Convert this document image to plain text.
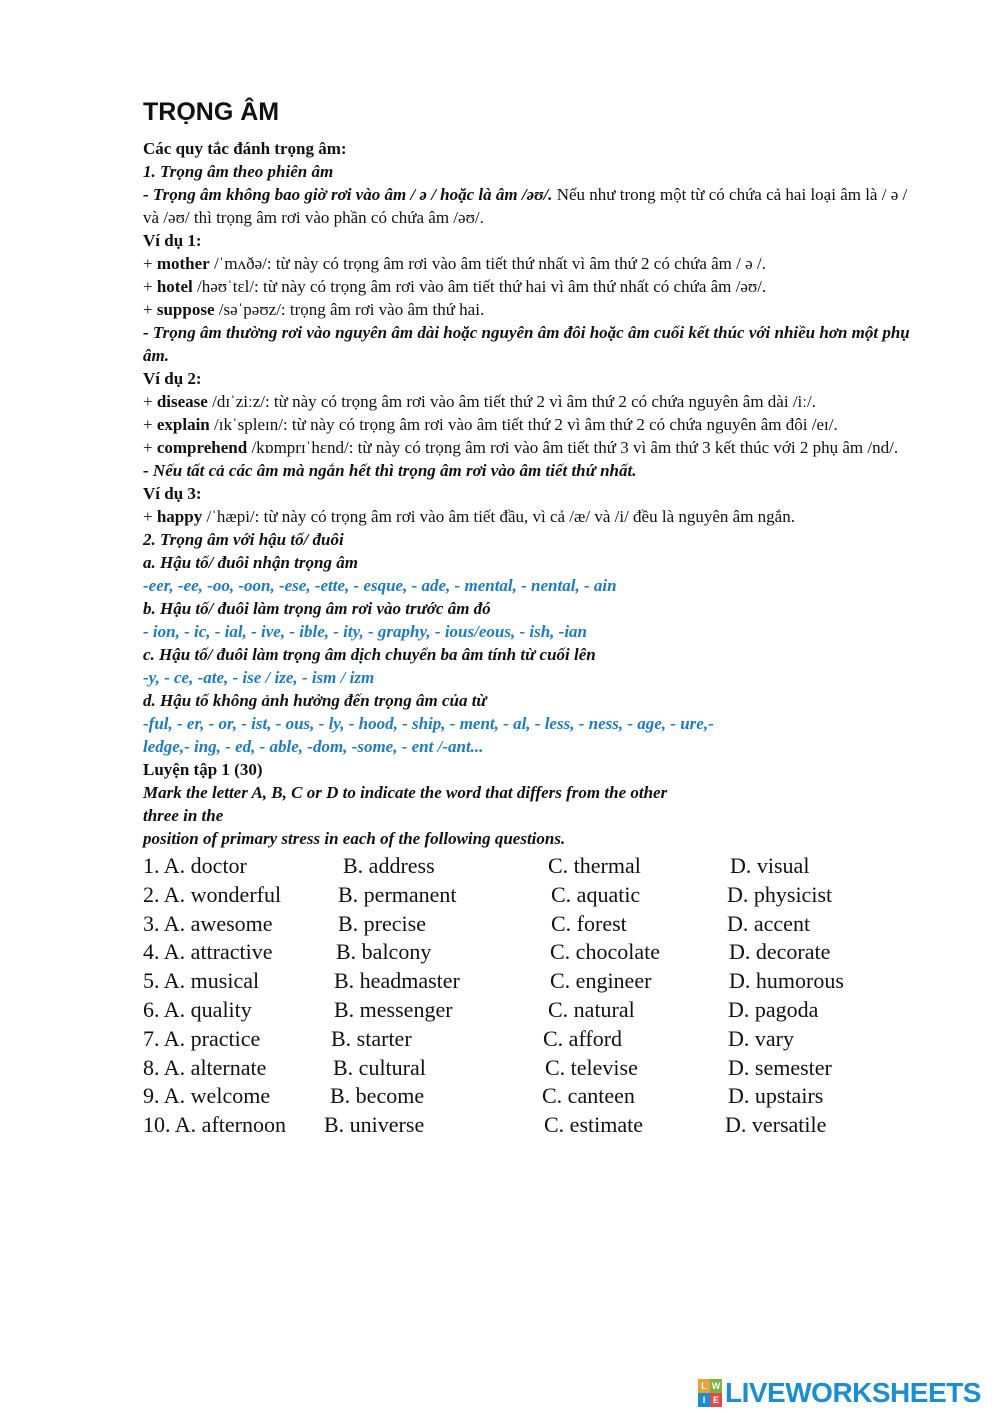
TRỌNG ÂM

Các quy tắc đánh trọng âm:

1. Trọng âm theo phiên âm

- Trọng âm không bao giờ rơi vào âm / ə / hoặc là âm /əʊ/. Nếu như trong một từ có chứa cả hai loại âm là / ə / và /əʊ/ thì trọng âm rơi vào phần có chứa âm /əʊ/.

Ví dụ 1:

+ mother /ˈmʌðə/: từ này có trọng âm rơi vào âm tiết thứ nhất vì âm thứ 2 có chứa âm / ə /.

+ hotel /həʊˈtɛl/: từ này có trọng âm rơi vào âm tiết thứ hai vì âm thứ nhất có chứa âm /əʊ/.

+ suppose /səˈpəʊz/: trọng âm rơi vào âm thứ hai.

- Trọng âm thường rơi vào nguyên âm dài hoặc nguyên âm đôi hoặc âm cuối kết thúc với nhiều hơn một phụ âm.

Ví dụ 2:

+ disease /dɪˈziːz/: từ này có trọng âm rơi vào âm tiết thứ 2 vì âm thứ 2 có chứa nguyên âm dài /iː/.

+ explain /ɪkˈspleɪn/: từ này có trọng âm rơi vào âm tiết thứ 2 vì âm thứ 2 có chứa nguyên âm đôi /eɪ/.

+ comprehend /kɒmprɪˈhɛnd/: từ này có trọng âm rơi vào âm tiết thứ 3 vì âm thứ 3 kết thúc với 2 phụ âm /nd/.

- Nếu tất cả các âm mà ngắn hết thì trọng âm rơi vào âm tiết thứ nhất.

Ví dụ 3:

+ happy /ˈhæpi/: từ này có trọng âm rơi vào âm tiết đầu, vì cả /æ/ và /i/ đều là nguyên âm ngắn.

2. Trọng âm với hậu tố/ đuôi

a. Hậu tố/ đuôi nhận trọng âm

-eer, -ee, -oo, -oon, -ese, -ette, - esque, - ade, - mental, - nental, - ain

b. Hậu tố/ đuôi làm trọng âm rơi vào trước âm đó

- ion, - ic, - ial, - ive, - ible, - ity, - graphy, - ious/eous, - ish, -ian

c. Hậu tố/ đuôi làm trọng âm dịch chuyển ba âm tính từ cuối lên

-y, - ce, -ate, - ise / ize, - ism / izm

d. Hậu tố không ảnh hưởng đến trọng âm của từ

-ful, - er, - or, - ist, - ous, - ly, - hood, - ship, - ment, - al, - less, - ness, - age, - ure,-

ledge,- ing, - ed, - able, -dom, -some, - ent /-ant...

Luyện tập 1 (30)

Mark the letter A, B, C or D to indicate the word that differs from the other

three in the

position of primary stress in each of the following questions.

1. A. doctor	B. address	C. thermal	D. visual
2. A. wonderful	B. permanent	C. aquatic	D. physicist
3. A. awesome	B. precise	C. forest	D. accent
4. A. attractive	B. balcony	C. chocolate	D. decorate
5. A. musical	B. headmaster	C. engineer	D. humorous
6. A. quality	B. messenger	C. natural	D. pagoda
7. A. practice	B. starter	C. afford	D. vary
8. A. alternate	B. cultural	C. televise	D. semester
9. A. welcome	B. become	C. canteen	D. upstairs
10. A. afternoon B. universe	C. estimate	D. versatile
L W
I E LIVEWORKSHEETS
